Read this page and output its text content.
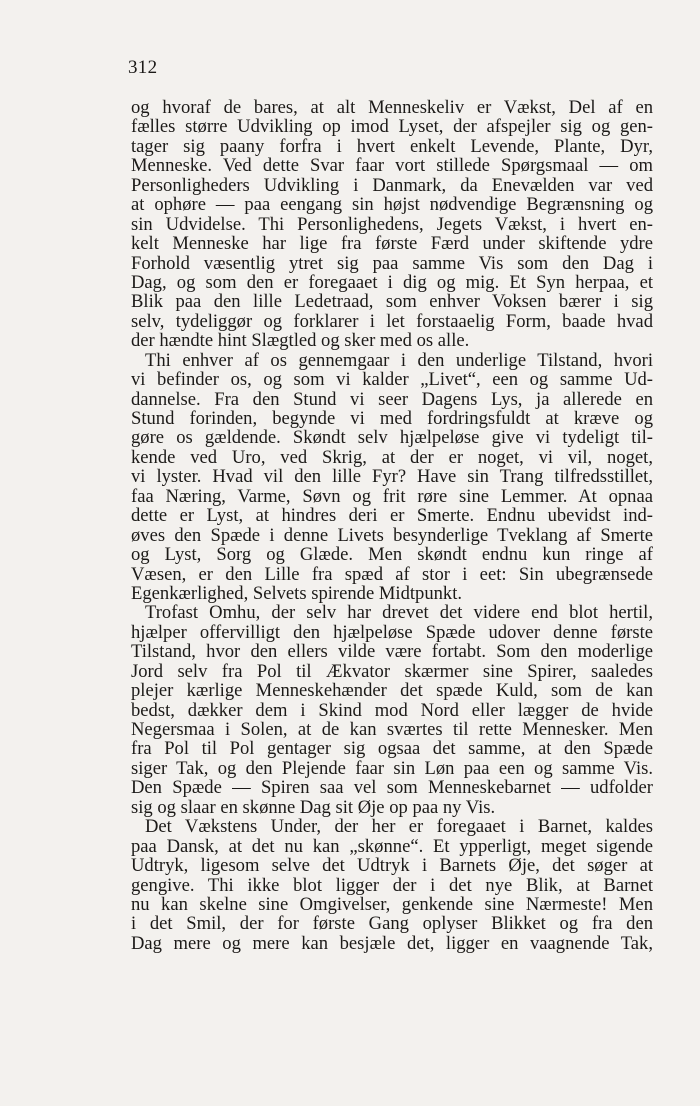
312
og hvoraf de bares, at alt Menneskeliv er Vækst, Del af en
fælles større Udvikling op imod Lyset, der afspejler sig og gen-
tager sig paany forfra i hvert enkelt Levende, Plante, Dyr,
Menneske. Ved dette Svar faar vort stillede Spørgsmaal — om
Personligheders Udvikling i Danmark, da Enevælden var ved
at ophøre — paa eengang sin højst nødvendige Begrænsning og
sin Udvidelse. Thi Personlighedens, Jegets Vækst, i hvert en-
kelt Menneske har lige fra første Færd under skiftende ydre
Forhold væsentlig ytret sig paa samme Vis som den Dag i
Dag, og som den er foregaaet i dig og mig. Et Syn herpaa, et
Blik paa den lille Ledetraad, som enhver Voksen bærer i sig
selv, tydeliggør og forklarer i let forstaaelig Form, baade hvad
der hændte hint Slægtled og sker med os alle.
Thi enhver af os gennemgaar i den underlige Tilstand, hvori
vi befinder os, og som vi kalder „Livet“, een og samme Ud-
dannelse. Fra den Stund vi seer Dagens Lys, ja allerede en
Stund forinden, begynde vi med fordringsfuldt at kræve og
gøre os gældende. Skøndt selv hjælpeløse give vi tydeligt til-
kende ved Uro, ved Skrig, at der er noget, vi vil, noget,
vi lyster. Hvad vil den lille Fyr? Have sin Trang tilfredsstillet,
faa Næring, Varme, Søvn og frit røre sine Lemmer. At opnaa
dette er Lyst, at hindres deri er Smerte. Endnu ubevidst ind-
øves den Spæde i denne Livets besynderlige Tveklang af Smerte
og Lyst, Sorg og Glæde. Men skøndt endnu kun ringe af
Væsen, er den Lille fra spæd af stor i eet: Sin ubegrænsede
Egenkærlighed, Selvets spirende Midtpunkt.
Trofast Omhu, der selv har drevet det videre end blot hertil,
hjælper offervilligt den hjælpeløse Spæde udover denne første
Tilstand, hvor den ellers vilde være fortabt. Som den moderlige
Jord selv fra Pol til Ækvator skærmer sine Spirer, saaledes
plejer kærlige Menneskehænder det spæde Kuld, som de kan
bedst, dækker dem i Skind mod Nord eller lægger de hvide
Negersmaa i Solen, at de kan sværtes til rette Mennesker. Men
fra Pol til Pol gentager sig ogsaa det samme, at den Spæde
siger Tak, og den Plejende faar sin Løn paa een og samme Vis.
Den Spæde — Spiren saa vel som Menneskebarnet — udfolder
sig og slaar en skønne Dag sit Øje op paa ny Vis.
Det Vækstens Under, der her er foregaaet i Barnet, kaldes
paa Dansk, at det nu kan „skønne“. Et ypperligt, meget sigende
Udtryk, ligesom selve det Udtryk i Barnets Øje, det søger at
gengive. Thi ikke blot ligger der i det nye Blik, at Barnet
nu kan skelne sine Omgivelser, genkende sine Nærmeste! Men
i det Smil, der for første Gang oplyser Blikket og fra den
Dag mere og mere kan besjæle det, ligger en vaagnende Tak,
